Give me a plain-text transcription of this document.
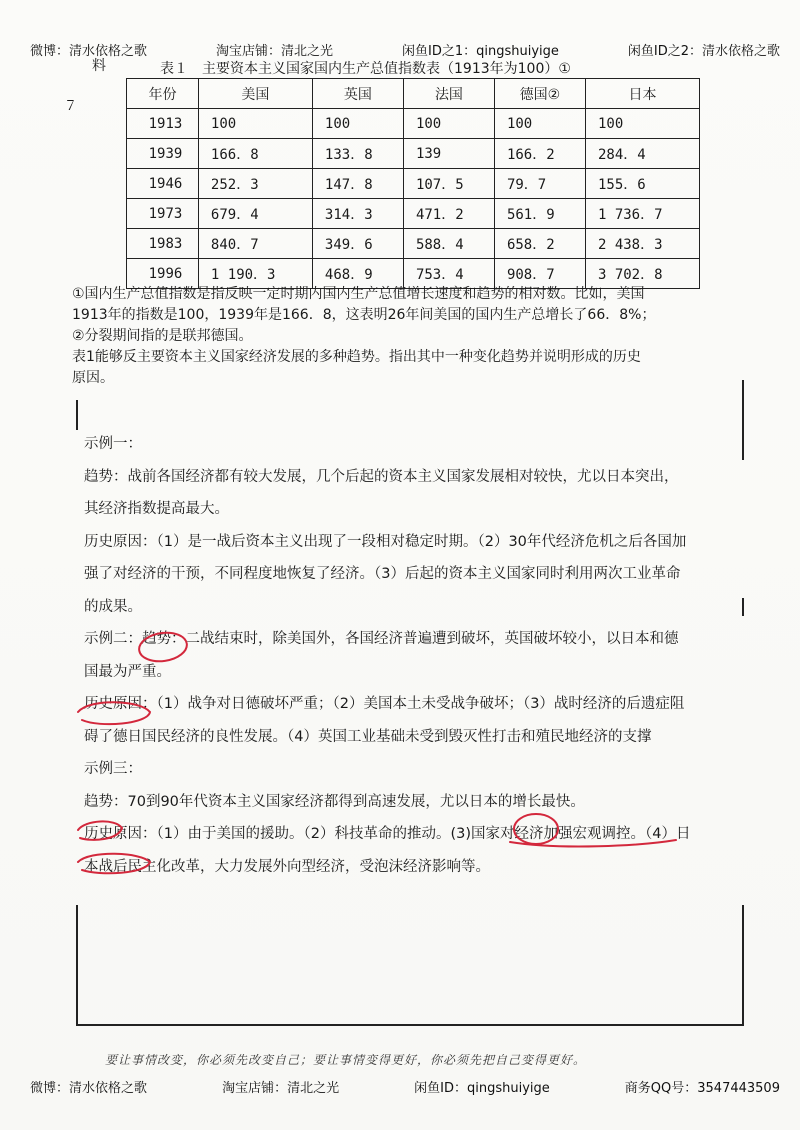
微博：清水依格之歌	淘宝店铺：清北之光	闲鱼ID之1：qingshuiyige	闲鱼ID之2：清水依格之歌
料
７
表１　主要资本主义国家国内生产总值指数表（1913年为100）①
年份	美国	英国	法国	德国②	日本
1913	100	100	100	100	100
1939	166．8	133．8	139	166．2	284．4
1946	252．3	147．8	107．5	79．7	155．6
1973	679．4	314．3	471．2	561．9	1 736．7
1983	840．7	349．6	588．4	658．2	2 438．3
1996	1 190．3	468．9	753．4	908．7	3 702．8

①国内生产总值指数是指反映一定时期内国内生产总值增长速度和趋势的相对数。比如，美国

1913年的指数是100，1939年是166．8，这表明26年间美国的国内生产总增长了66．8%；

②分裂期间指的是联邦德国。

表1能够反主要资本主义国家经济发展的多种趋势。指出其中一种变化趋势并说明形成的历史

原因。

示例一：

趋势：战前各国经济都有较大发展，几个后起的资本主义国家发展相对较快，尤以日本突出，

其经济指数提高最大。

历史原因：（1）是一战后资本主义出现了一段相对稳定时期。（2）30年代经济危机之后各国加

强了对经济的干预，不同程度地恢复了经济。（3）后起的资本主义国家同时利用两次工业革命

的成果。

示例二：趋势：二战结束时，除美国外，各国经济普遍遭到破坏，英国破坏较小，以日本和德

国最为严重。

历史原因：（1）战争对日德破坏严重；（2）美国本土未受战争破坏；（3）战时经济的后遗症阻

碍了德日国民经济的良性发展。（4）英国工业基础未受到毁灭性打击和殖民地经济的支撑

示例三：

趋势：70到90年代资本主义国家经济都得到高速发展，尤以日本的增长最快。

历史原因：（1）由于美国的援助。（2）科技革命的推动。(3)国家对经济加强宏观调控。（4）日

本战后民主化改革，大力发展外向型经济，受泡沫经济影响等。

要让事情改变，你必须先改变自己；要让事情变得更好，你必须先把自己变得更好。
微博：清水依格之歌	淘宝店铺：清北之光	闲鱼ID：qingshuiyige	商务QQ号：3547443509
